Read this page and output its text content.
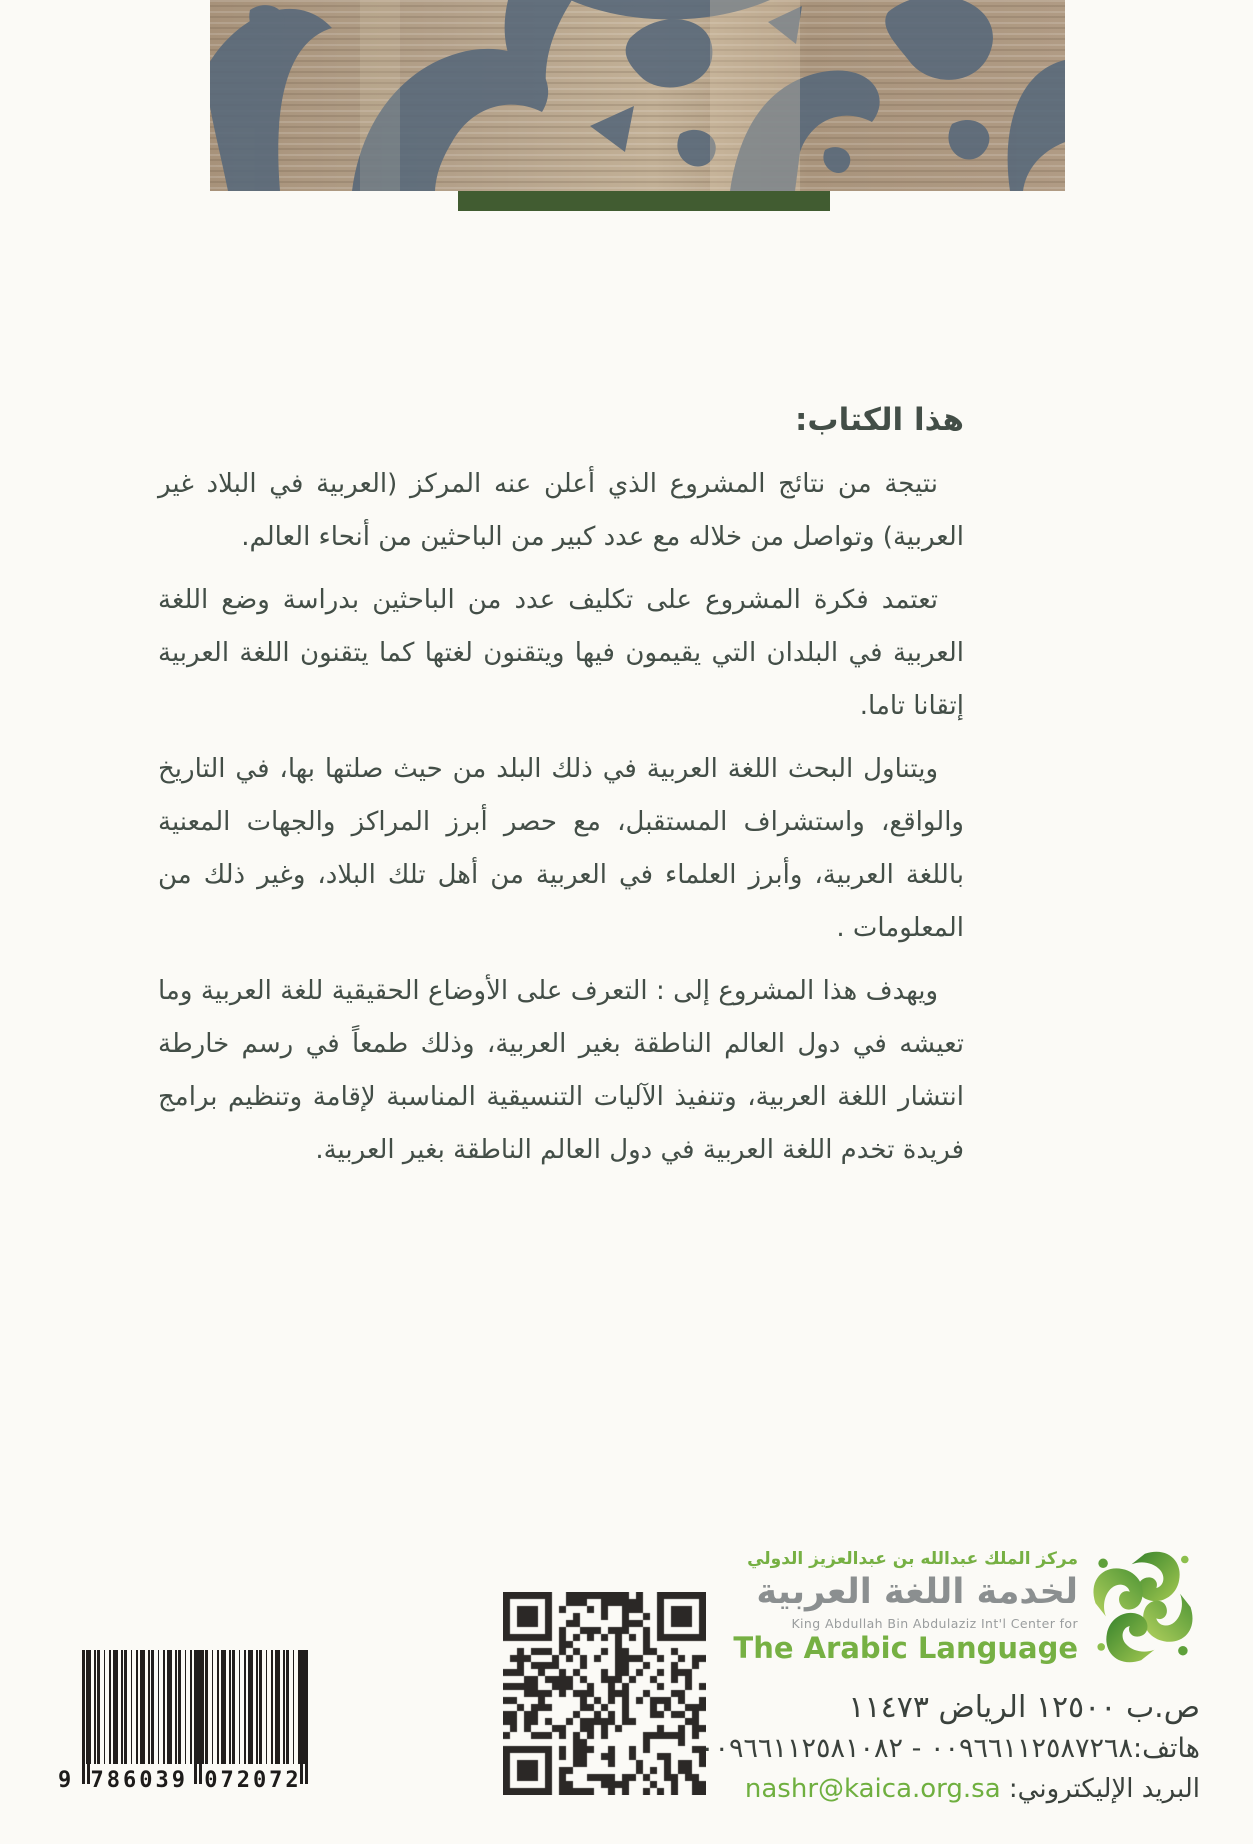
هذا الكتاب:

نتيجة من نتائج المشروع الذي أعلن عنه المركز (العربية في البلاد غير العربية) وتواصل من خلاله مع عدد كبير من الباحثين من أنحاء العالم.

تعتمد فكرة المشروع على تكليف عدد من الباحثين بدراسة وضع اللغة العربية في البلدان التي يقيمون فيها ويتقنون لغتها كما يتقنون اللغة العربية إتقانا تاما.

ويتناول البحث اللغة العربية في ذلك البلد من حيث صلتها بها، في التاريخ والواقع، واستشراف المستقبل، مع حصر أبرز المراكز والجهات المعنية باللغة العربية، وأبرز العلماء في العربية من أهل تلك البلاد، وغير ذلك من المعلومات .

ويهدف هذا المشروع إلى : التعرف على الأوضاع الحقيقية للغة العربية وما تعيشه في دول العالم الناطقة بغير العربية، وذلك طمعاً في رسم خارطة انتشار اللغة العربية، وتنفيذ الآليات التنسيقية المناسبة لإقامة وتنظيم برامج فريدة تخدم اللغة العربية في دول العالم الناطقة بغير العربية.

9 786039 072072
مركز الملك عبدالله بن عبدالعزيز الدولي
لخدمة اللغة العربية
King Abdullah Bin Abdulaziz Int'l Center for
The Arabic Language
ص.ب ١٢٥٠٠ الرياض ١١٤٧٣
هاتف:٠٠٩٦٦١١٢٥٨٧٢٦٨ - ٠٠٩٦٦١١٢٥٨١٠٨٢
البريد الإليكتروني: nashr@kaica.org.sa
